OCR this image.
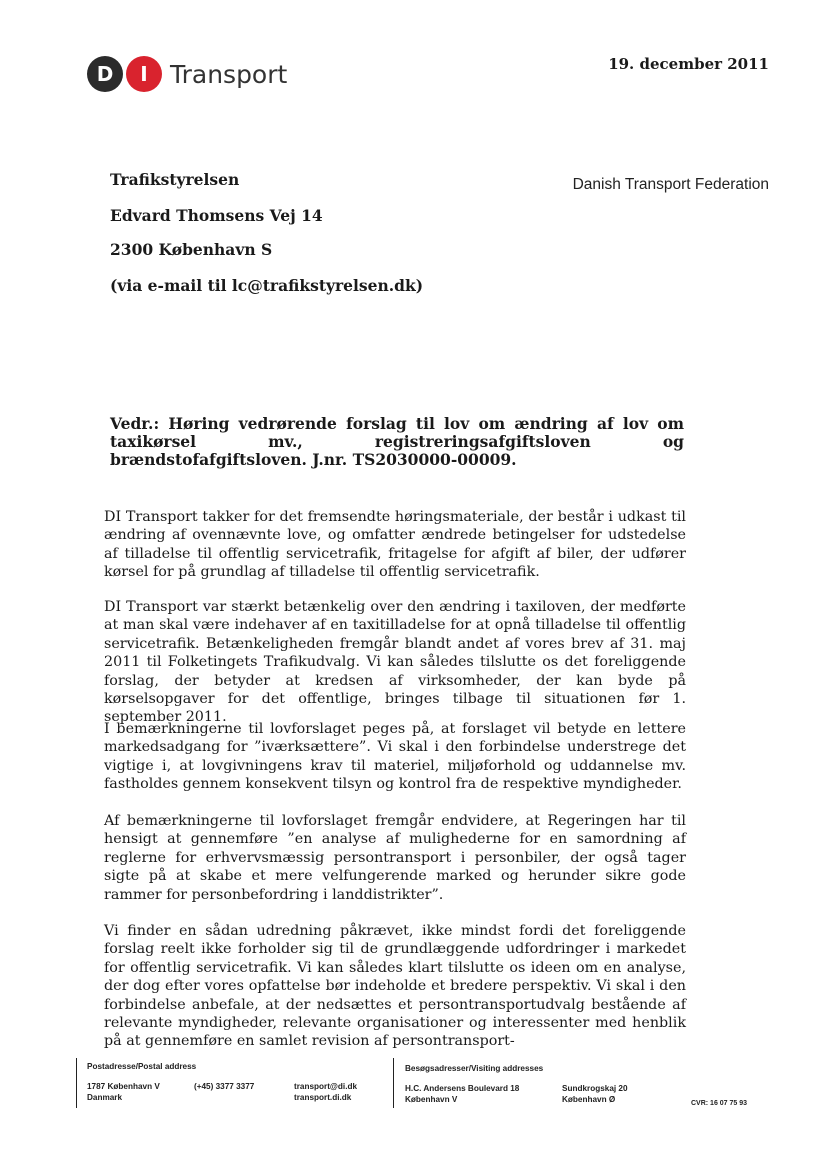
D	I Transport	19. december 2011
Danish Transport Federation
Trafikstyrelsen
Edvard Thomsens Vej 14
2300 København S
(via e-mail til lc@trafikstyrelsen.dk)
Vedr.: Høring vedrørende forslag til lov om ændring af lov om taxikørsel mv., registreringsafgiftsloven og brændstofafgiftsloven. J.nr. TS2030000-00009.

DI Transport takker for det fremsendte høringsmateriale, der består i udkast til ændring af ovennævnte love, og omfatter ændrede betingelser for udstedelse af tilladelse til offentlig servicetrafik, fritagelse for afgift af biler, der udfører kørsel for på grundlag af tilladelse til offentlig servicetrafik.

DI Transport var stærkt betænkelig over den ændring i taxiloven, der medførte at man skal være indehaver af en taxitilladelse for at opnå tilladelse til offentlig servicetrafik. Betænkeligheden fremgår blandt andet af vores brev af 31. maj 2011 til Folketingets Trafikudvalg. Vi kan således tilslutte os det foreliggende forslag, der betyder at kredsen af virksomheder, der kan byde på kørselsopgaver for det offentlige, bringes tilbage til situationen før 1. september 2011.

I bemærkningerne til lovforslaget peges på, at forslaget vil betyde en lettere markedsadgang for ”iværksættere”. Vi skal i den forbindelse understrege det vigtige i, at lovgivningens krav til materiel, miljøforhold og uddannelse mv. fastholdes gennem konsekvent tilsyn og kontrol fra de respektive myndigheder.

Af bemærkningerne til lovforslaget fremgår endvidere, at Regeringen har til hensigt at gennemføre ”en analyse af mulighederne for en samordning af reglerne for erhvervsmæssig persontransport i personbiler, der også tager sigte på at skabe et mere velfungerende marked og herunder sikre gode rammer for personbefordring i landdistrikter”.

Vi finder en sådan udredning påkrævet, ikke mindst fordi det foreliggende forslag reelt ikke forholder sig til de grundlæggende udfordringer i markedet for offentlig servicetrafik. Vi kan således klart tilslutte os ideen om en analyse, der dog efter vores opfattelse bør indeholde et bredere perspektiv. Vi skal i den forbindelse anbefale, at der nedsættes et persontransportudvalg bestående af relevante myndigheder, relevante organisationer og interessenter med henblik på at gennemføre en samlet revision af persontransport-

Postadresse/Postal address
1787 København V
Danmark
(+45) 3377 3377	transport@di.dk
transport.di.dk
Besøgsadresser/Visiting addresses
H.C. Andersens Boulevard 18
København V
Sundkrogskaj 20
København Ø	CVR: 16 07 75 93
